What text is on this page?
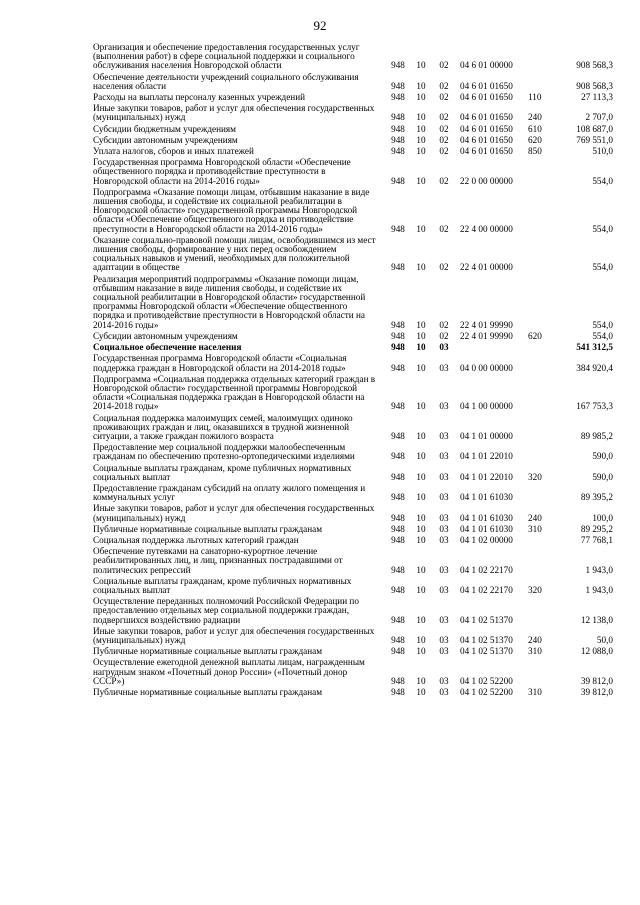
92
Организация и обеспечение предоставления государственных услуг (выполнения работ) в сфере социальной поддержки и социального обслуживания населения Новгородской области	948	10	02	04 6 01 00000		908 568,3
Обеспечение деятельности учреждений социального обслуживания населения области	948	10	02	04 6 01 01650		908 568,3
Расходы на выплаты персоналу казенных учреждений	948	10	02	04 6 01 01650	110	27 113,3
Иные закупки товаров, работ и услуг для обеспечения государственных (муниципальных) нужд	948	10	02	04 6 01 01650	240	2 707,0
Субсидии бюджетным учреждениям	948	10	02	04 6 01 01650	610	108 687,0
Субсидии автономным учреждениям	948	10	02	04 6 01 01650	620	769 551,0
Уплата налогов, сборов и иных платежей	948	10	02	04 6 01 01650	850	510,0
Государственная программа Новгородской области «Обеспечение общественного порядка и противодействие преступности в Новгородской области на 2014-2016 годы»	948	10	02	22 0 00 00000		554,0
Подпрограмма «Оказание помощи лицам, отбывшим наказание в виде лишения свободы, и содействие их социальной реабилитации в Новгородской области» государственной программы Новгородской области «Обеспечение общественного порядка и противодействие преступности в Новгородской области на 2014-2016 годы»	948	10	02	22 4 00 00000		554,0
Оказание социально-правовой помощи лицам, освободившимся из мест лишения свободы, формирование у них перед освобождением социальных навыков и умений, необходимых для положительной адаптации в обществе	948	10	02	22 4 01 00000		554,0
Реализация мероприятий подпрограммы «Оказание помощи лицам, отбывшим наказание в виде лишения свободы, и содействие их социальной реабилитации в Новгородской области» государственной программы Новгородской области «Обеспечение общественного порядка и противодействие преступности в Новгородской области на 2014-2016 годы»	948	10	02	22 4 01 99990		554,0
Субсидии автономным учреждениям	948	10	02	22 4 01 99990	620	554,0
Социальное обеспечение населения	948	10	03			541 312,5
Государственная программа Новгородской области «Социальная поддержка граждан в Новгородской области на 2014-2018 годы»	948	10	03	04 0 00 00000		384 920,4
Подпрограмма «Социальная поддержка отдельных категорий граждан в Новгородской области» государственной программы Новгородской области «Социальная поддержка граждан в Новгородской области на 2014-2018 годы»	948	10	03	04 1 00 00000		167 753,3
Социальная поддержка малоимущих семей, малоимущих одиноко проживающих граждан и лиц, оказавшихся в трудной жизненной ситуации, а также граждан пожилого возраста	948	10	03	04 1 01 00000		89 985,2
Предоставление мер социальной поддержки малообеспеченным гражданам по обеспечению протезно-ортопедическими изделиями	948	10	03	04 1 01 22010		590,0
Социальные выплаты гражданам, кроме публичных нормативных социальных выплат	948	10	03	04 1 01 22010	320	590,0
Предоставление гражданам субсидий на оплату жилого помещения и коммунальных услуг	948	10	03	04 1 01 61030		89 395,2
Иные закупки товаров, работ и услуг для обеспечения государственных (муниципальных) нужд	948	10	03	04 1 01 61030	240	100,0
Публичные нормативные социальные выплаты гражданам	948	10	03	04 1 01 61030	310	89 295,2
Социальная поддержка льготных категорий граждан	948	10	03	04 1 02 00000		77 768,1
Обеспечение путевками на санаторно-курортное лечение реабилитированных лиц, и лиц, признанных пострадавшими от политических репрессий	948	10	03	04 1 02 22170		1 943,0
Социальные выплаты гражданам, кроме публичных нормативных социальных выплат	948	10	03	04 1 02 22170	320	1 943,0
Осуществление переданных полномочий Российской Федерации по предоставлению отдельных мер социальной поддержки граждан, подвергшихся воздействию радиации	948	10	03	04 1 02 51370		12 138,0
Иные закупки товаров, работ и услуг для обеспечения государственных (муниципальных) нужд	948	10	03	04 1 02 51370	240	50,0
Публичные нормативные социальные выплаты гражданам	948	10	03	04 1 02 51370	310	12 088,0
Осуществление ежегодной денежной выплаты лицам, награжденным нагрудным знаком «Почетный донор России» («Почетный донор СССР»)	948	10	03	04 1 02 52200		39 812,0
Публичные нормативные социальные выплаты гражданам	948	10	03	04 1 02 52200	310	39 812,0
